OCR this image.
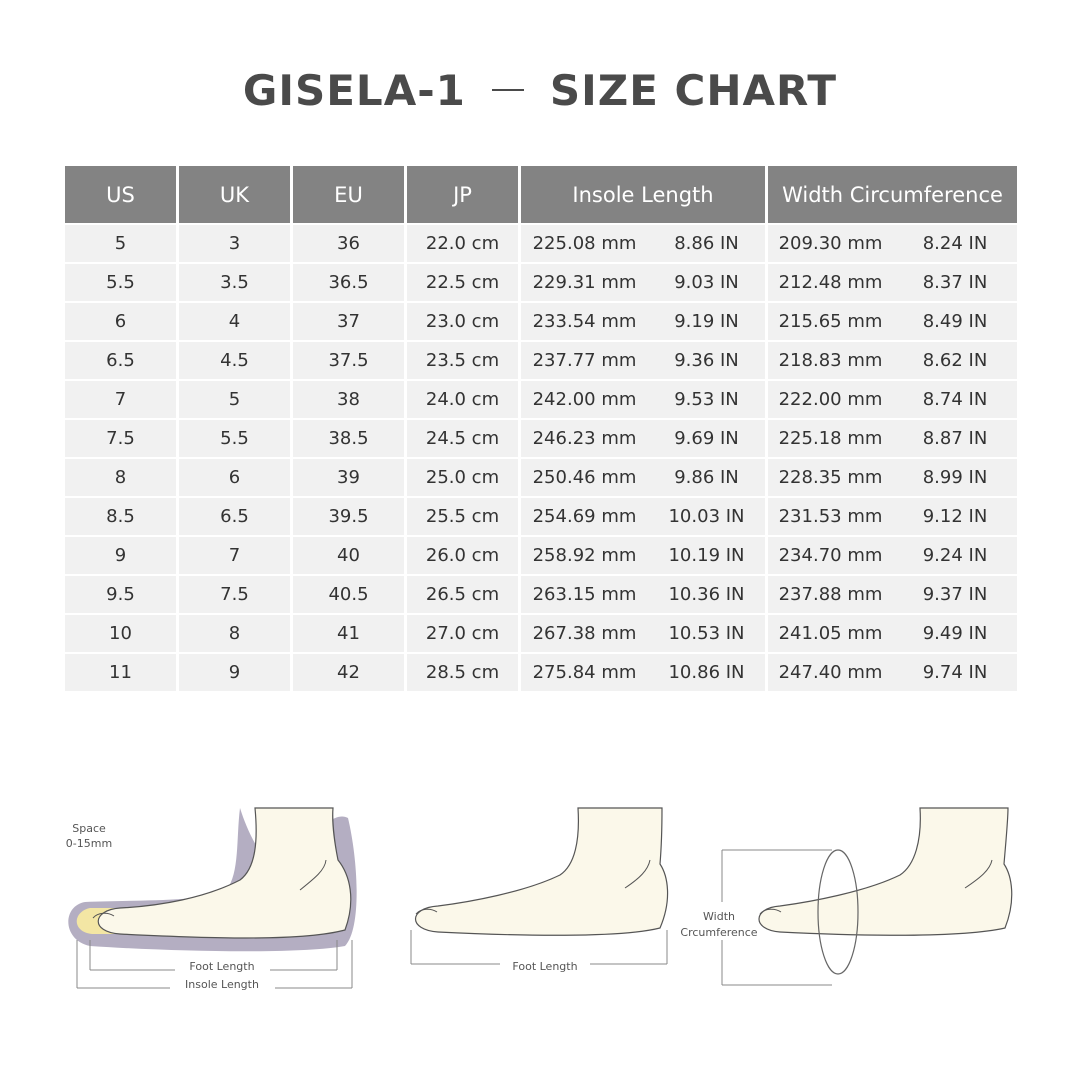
GISELA-1 SIZE CHART
US	UK	EU	JP	Insole Length		Width Circumference	
5	3	36	22.0 cm	225.08 mm	8.86 IN	209.30 mm	8.24 IN
5.5	3.5	36.5	22.5 cm	229.31 mm	9.03 IN	212.48 mm	8.37 IN
6	4	37	23.0 cm	233.54 mm	9.19 IN	215.65 mm	8.49 IN
6.5	4.5	37.5	23.5 cm	237.77 mm	9.36 IN	218.83 mm	8.62 IN
7	5	38	24.0 cm	242.00 mm	9.53 IN	222.00 mm	8.74 IN
7.5	5.5	38.5	24.5 cm	246.23 mm	9.69 IN	225.18 mm	8.87 IN
8	6	39	25.0 cm	250.46 mm	9.86 IN	228.35 mm	8.99 IN
8.5	6.5	39.5	25.5 cm	254.69 mm	10.03 IN	231.53 mm	9.12 IN
9	7	40	26.0 cm	258.92 mm	10.19 IN	234.70 mm	9.24 IN
9.5	7.5	40.5	26.5 cm	263.15 mm	10.36 IN	237.88 mm	9.37 IN
10	8	41	27.0 cm	267.38 mm	10.53 IN	241.05 mm	9.49 IN
11	9	42	28.5 cm	275.84 mm	10.86 IN	247.40 mm	9.74 IN
Space
0-15mm
Foot Length
Insole Length
Foot Length
Width
Crcumference
